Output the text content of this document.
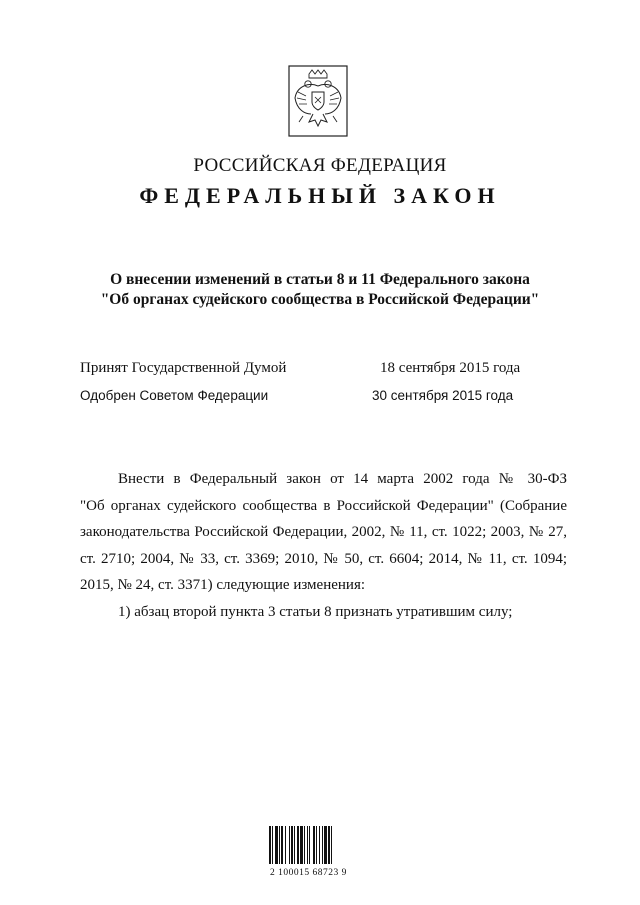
РОССИЙСКАЯ ФЕДЕРАЦИЯ
ФЕДЕРАЛЬНЫЙ ЗАКОН
О внесении изменений в статьи 8 и 11 Федерального закона "Об органах судейского сообщества в Российской Федерации"
Принят Государственной Думой	18 сентября 2015 года
Одобрен Советом Федерации	30 сентября 2015 года

Внести в Федеральный закон от 14 марта 2002 года № 30-ФЗ

"Об органах судейского сообщества в Российской Федерации" (Собрание

законодательства Российской Федерации, 2002, № 11, ст. 1022; 2003, № 27,

ст. 2710; 2004, № 33, ст. 3369; 2010, № 50, ст. 6604; 2014, № 11, ст. 1094;

2015, № 24, ст. 3371) следующие изменения:

1) абзац второй пункта 3 статьи 8 признать утратившим силу;

2 100015 68723 9
